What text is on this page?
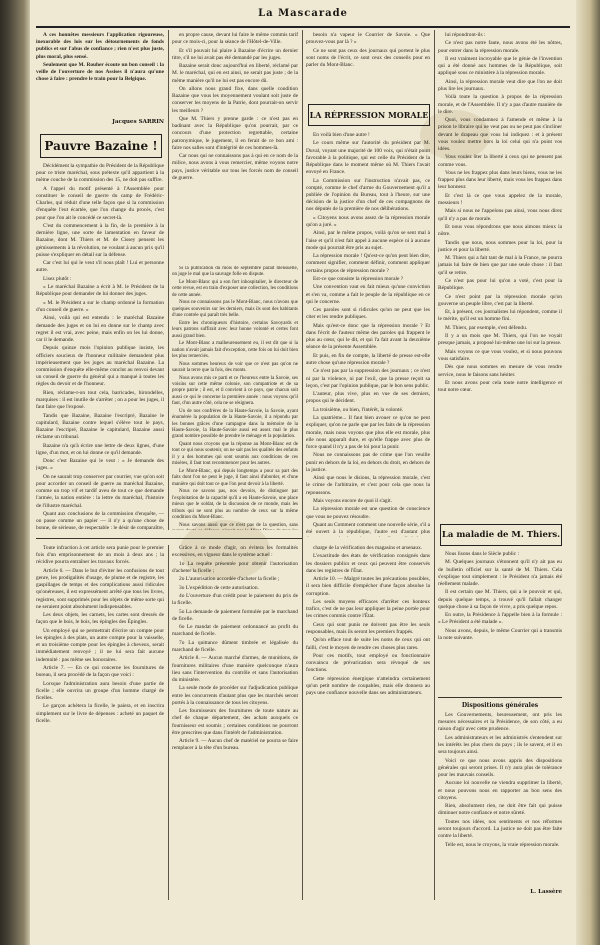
La Mascarade

A ces honnêtes messieurs l'application rigoureuse, inexorable des lois sur les détournements de fonds publics et sur l'abus de confiance ; rien n'est plus juste, plus moral, plus sensé.

Seulement que M. Rouher écoute un bon conseil : la veille de l'ouverture de nos Assises il n'aura qu'une chose à faire : prendre le train pour la Belgique.

Jacques SARRIN
Pauvre Bazaine !

Décidément la sympathie du Président de la République pour ce triste maréchal, sous prétexte qu'il appartient à la même couche de la commission des 15, ne doit pas suffire.

A l'appel du motif présenté à l'Assemblée pour constituer le conseil de guerre du camp de Frédéric-Charles, qui réduit d'une telle façon que si la commission d'enquête l'eut écartée, que l'on change du procès, c'est pour que l'on ait le concédé ce secret-là.

C'est du commencement à la fin, de la première à la dernière ligne, une sorte de lamentation en faveur de Bazaine, dont M. Thiers et M. de Cissey pensent les gémissements à la révolution, ne voulant à aucun prix qu'il puisse s'expliquer en détail sur la défense.

Car c'est lui qui le veut s'il nous plaît ! Lui et personne autre.

Lisez plutôt :

« Le maréchal Bazaine a écrit à M. le Président de la République pour demander de lui donner des juges.

« M. le Président a sur le champ ordonné la formation d'un conseil de guerre. »

Ainsi, voilà qui est entendu : le maréchal Bazaine demande des juges et on lui en donne sur le champ avec regret il est vrai, avec peine, mais enfin on les lui donne, car il le demande.

Depuis quinze mois l'opinion publique insiste, les officiers soucieux de l'honneur militaire demandent plus impérieusement que les juges au maréchal Bazaine. La commission d'enquête elle-même conclut au renvoi devant un conseil de guerre du général qui a manqué à toutes les règles du devoir et de l'honneur.

Rien, réclame-t-on tout cela, barricades, hirondelles, marquises : il est inutile de s'arrêter ; on a pour les juges, il faut faire que l'exposé.

Tandis que Bazaine, Bazaine l'escripré, Bazaine le capitulard, Bazaine contre lequel s'élève tout le pays, Bazaine l'escripré, Bazaine le capitulard, Bazaine aussi réclame un tribunal.

Bazaine n'a qu'à écrire une lettre de deux lignes, d'une ligne, d'un mot, et on lui donne ce qu'il demande.

Donc c'est Bazaine qui le veut : « Je demande des juges. »

On ne saurait trop conserver par courrier, vue qu'on soit pour accorder un conseil de guerre au maréchal Bazaine, comme un trop vif et tardif aveu de tout ce que demande l'armée, la nation entière : la lettre du maréchal, l'histoire de l'illustre maréchal.

Quant aux conclusions de la commission d'enquête, — on passe comme un papier — il n'y a qu'une chose de bonne, de sérieuse, de respectable : le désir de comparaître,

en propre cause, devant lui faire le même commis tarif pour ce mois-ci, pour la séance de l'Hôtel-de-Ville.

Et s'il pouvait lui plaire à Bazaine d'écrire un dernier titre, s'il ne lui avait pas été demandé par les juges.

Bazaine serait donc aujourd'hui en liberté, réclamé par M. le maréchal, qui en est ainsi, ne serait pas juste ; de la même manière qu'il ne lui est pas encore dû.

On allons nous grand fixe, dans quelle condition Bazaine que vous les moyennement voulant soit juste de conserver les moyens de la Patrie, dont pourrait-on servir les meilleurs ?

Que M. Thiers y prenne garde : ce n'est pas en badinant avec la République qu'on pourrait, par ce concours d'une protection regrettable, certaine patronymique, le jugement, il en ferait de ce bon ami : faire nos salles sont d'intégrité de ces hommes-là.

Car nous qui ne connaissons pas à qui en ce nom de la milice, nous avons à vous remercier, même voyons notre pays, justice véritable sur tous les forcés nom de conseil de guerre.

Si la publication du mois de septembre paraît mensuelle, on juge le mal que la sauvage folle en dispute.

Le Mont-Blanc qui a son fort inhospitalier, le directeur de cette revue, est en train d'exposer une collection, les conditions de cette année.

Nous ne connaissons pas le Mont-Blanc, nous n'avons que quelques souvenirs sur les derniers, mais ils sont des habitants d'une contrée qui paraît très belle.

Entre les chroniqueurs d'histoire, certains Savoyards et leurs patrons suffirait avec leur bonne volonté et certes font aussi grand bien.

Le Mont-Blanc a malheureusement eu, il est dit que si la nation n'avait jamais fait d'exception, cette fois on lui doit bien les plus remerciés.

Nous sommes heureux de voir que ce n'est pas qu'on ne saurait la terre que la fois, des monts.

Nous avons mis ce parti et ce l'heureux entre la Savoie, ses voisins sur cette même colonie, son compatriote et de sa propre patrie ; il est, et il convient à ce pays, que chacun soit aussi ce qui le concerne la première année : nous voyons qu'il faut, d'un autre côté, cela ne se résignera.

Un de nos confrères de la Haute-Savoie, la Savoie, ayant énumérée la population de la Haute-Savoie, il a répondu par les bonnes grâces d'une campagne dans la mémoire de la Haute-Savoie, la Haute-Savoie aussi est assez mal le plus grand nombre possible de prendre le ménage et la population.

Quant nous croyons que la réponse au Mont-Blanc est de tout ce qui nous soutenir, on ne sait pas les qualités des enfants il y a des hommes qui sont soumis aux conditions de ces misères, il faut tout recommencer pour les autres.

Le Mont-Blanc, qui depuis longtemps a pour sa part des faits dont l'on ne peut le juge, il faut ainsi d'aborder, et d'une manière qui doit tout ce que l'on peut devoir à la liberté.

Nous ne savons pas, nos devoirs, de distinguer par l'exploitation de la capacité qu'il a en Haute-Savoie, une place mieux que le soldat, de la discussion de ce monde, mais les tributs qui ne sont plus au nombre de ceux sur la même condition du Mont-Blanc.

Nous savons aussi que ce n'est pas de la question, sans

besoin n'a vapeur le Courrier de Savoie. « Que prouvez-vous par là ? »

Ce ne sont pas ceux des journaux qui portent le plus sont noms de l'écrit, ce sont ceux des conseils pour en parler du Mont-Blanc.

LA RÉPRESSION MORALE

En voilà bien d'une autre !

Le cours même sur l'autorité du président par M. Duval, voyant une majorité de 100 voix, qui n'était point favorable à la politique, qui est celle du Président de la République dans le moment même où M. Thiers l'avait envoyé en France.

La Commission sur l'instruction n'avait pas, ce compté, comme le chef d'arme du Gouvernement qu'il a publiée de l'opinion du Bureau, tout à l'heure, sur une décision de la justice d'un chef de ces compagnons de nos députés de la première de nos délibérations.

« Citoyens nous avons assez de la répression morale qu'on a juré. »

Ainsi, par le même propos, voilà qu'on se sent mal à l'aise et qu'il n'est fait appel à aucune espèce ni à aucune mode qui pourrait être pris au sujet.

La répression morale ! Qu'est-ce qu'on peut bien dire, comment signifier, comment définir, comment appliquer certains propos de répression morale ?

Est-ce que consiste la répression morale ?

Une convention vaut en fait mieux qu'une conviction et s'en va, comme a fait le peuple de la république en ce qui le concerne.

Ces paroles sont si ridicules qu'on ne peut que les citer et les rendre publiques.

Mais qu'est-ce donc que la répression morale ? Et dans l'écrit de l'auteur même des paroles qui frappent le plus au cœur, qui le dit, et qui l'a fait avant la deuxième séance de la présente Assemblée.

Et puis, en fin de compte, la liberté de presse est-elle autre chose qu'une répression morale ?

Ce n'est pas par la suppression des journaux ; ce n'est ni par la violence, ni par l'exil, que la presse reçoit sa leçon, c'est par l'opinion publique, par le bon sens public.

L'auteur, plus vive, plus en vue de ses derniers, propos qui le décident.

La troisième, ou bien, l'intérêt, la volonté.

La quatrième... Il faut bien avouer ce qu'on ne peut expliquer, qu'on ne parle que par les faits de la répression morale, mais nous voyons que plus elle est morale, plus elle nous apparaît dure, et qu'elle frappe avec plus de force quand il n'y a pas de loi pour la punir.

Nous ne connaissons pas de crime que l'on veuille punir en dehors de la loi, en dehors du droit, en dehors de la justice.

Ainsi que nous le disions, la répression morale, c'est le crime de l'arbitraire, et c'est pour cela que nous la repoussons.

Mais voyons encore de quoi il s'agit.

La répression morale est une question de conscience que vous ne pouvez résoudre.

Quant au Comment comment une nouvelle série, s'il a été ouvert à la république, l'autre est d'autant plus

lui répondront-ils :

Ce n'est pas notre faute, nous avons été les nôtres, pour entrer dans la répression morale.

Il est vraiment incroyable que le génie de l'invention qui a été donné aux hommes de la République, soit appliqué sous ce ministère à la répression morale.

Ainsi, la répression morale veut dire que l'on ne doit plus lire les journaux.

Voilà toute la question à propos de la répression morale, et de l'Assemblée. Il n'y a pas d'autre manière de le dire.

Quoi, vous condamnez à l'amende et même à la prison le libraire qui ne veut pas ou ne peut pas s'incliner devant le drapeau que vous lui indiquez : et à présent vous voulez mettre hors la loi celui qui n'a point vos idées.

Vous voulez ôter la liberté à ceux qui ne pensent pas comme vous.

Vous ne les frappez plus dans leurs biens, vous ne les frappez plus dans leur liberté, mais vous les frappez dans leur honneur.

Et c'est là ce que vous appelez de la morale, messieurs !

Mais si nous ne l'appelons pas ainsi, vous nous direz qu'il n'y a pas de morale.

Et nous vous répondrons que nous aimons mieux la nôtre.

Tandis que nous, nous sommes pour la loi, pour la justice et pour la liberté.

M. Thiers qui a fait tant de mal à la France, ne pourra jamais lui faire de bien que par une seule chose : il faut qu'il se retire.

Ce n'est pas pour lui qu'on a voté, c'est pour la République.

Ce n'est point par la répression morale qu'on gouverne un peuple libre, c'est par la liberté.

Et, à présent, ces journalistes lui répondent, comme il le mérite, qu'il est un homme fini.

M. Thiers, par exemple, s'est défendu.

Il y a un mois que M. Thiers, qui l'on ne voyait presque jamais, a proposé lui-même une loi sur la presse.

Mais voyons ce que vous voulez, et si nous pouvons vous satisfaire.

Dès que nous sommes en mesure de vous rendre service, nous le faisons sans hésiter.

Et nous avons pour cela toute notre intelligence et tout notre cœur.

La maladie de M. Thiers.

Nous lisons dans le Siècle public :

M. Quelques journaux s'étonnent qu'il n'y ait pas eu de bulletin officiel sur la santé de M. Thiers. Cela s'explique tout simplement : le Président n'a jamais été réellement malade.

Il est certain que M. Thiers, qui a le pouvoir et qui, depuis quelque temps, a trouvé qu'il fallait changer quelque chose à sa façon de vivre, a pris quelque repos.

En outre, la Présidence à l'appelle bien à la formule : « Le Président a été malade ».

Nous avons, depuis, le même Courrier qui a transmis la note suivante.

Dispositions générales

Les Gouvernements, heureusement, ont pris les mesures nécessaires et la Présidence, de son côté, a eu raison d'agir avec cette prudence.

Les administrateurs et les administrés s'entendent sur les intérêts les plus chers du pays ; ils le savent, et il en sera toujours ainsi.

Voici ce que nous avons appris des dispositions générales qui seront prises. Il n'y aura plus de tolérance pour les mauvais conseils.

Aucune loi nouvelle ne viendra supprimer la liberté, et nous pouvons nous en rapporter au bon sens des citoyens.

Rien, absolument rien, ne doit être fait qui puisse diminuer notre confiance et notre sûreté.

Toutes nos idées, nos sentiments et nos réformes seront toujours d'accord. La justice ne doit pas être faite contre la liberté.

Telle est, nous le croyons, la vraie répression morale.

L. Lassère

Toute infraction à cet article sera punie pour le premier fois d'un emprisonnement de un mois à deux ans ; la récidive pourra entraîner les travaux forcés.

Article 6. — Dans le but d'éviter les confusions de tout genre, les prodigalités d'usage, de plume et de registre, les gaspillages de temps et des complications aussi ridicules qu'onéreuses, il est expressément arrêté que tous les livres, registres, sont supprimés pour les objets de même sorte qui ne seraient point absolument indispensables.

Les deux objets, les carnets, les cartes sont dressés de façon que le bois, le bois, les épingles des Épingles.

Un employé qui se permettrait d'écrire un compte pour les épingles à des plats, un autre compte pour la vaisselle, et un troisième compte pour les épingles à cheveux, serait immédiatement renvoyé ; il ne lui sera fait aucune indemnité : pas même ses honoraires.

Article 7. — En ce qui concerne les fournitures de bureau, il sera procédé de la façon que voici :

Lorsque l'administration aura besoin d'une partie de ficelle ; elle ouvrira un groupe d'un homme chargé de ficelles.

Le garçon achètera la ficelle, le paiera, et en inscrira simplement sur le livre de dépenses : acheté un paquet de ficelle.

Grâce à ce mode d'agir, on évitera les formalités excessives, en vigueur dans le système actuel :

1o La requête présentée pour obtenir l'autorisation d'acheter la ficelle ;

2o L'autorisation accordée d'acheter la ficelle ;

3o L'expédition de cette autorisation.

4o L'ouverture d'un crédit pour le paiement du prix de la ficelle.

5o La demande de paiement formulée par le marchand de ficelle.

6o Le mandat de paiement ordonnancé au profit du marchand de ficelle.

7o La quittance dûment timbrée et légalisée du marchand de ficelle.

Article 8. — Aucun marché d'armes, de munitions, de fournitures militaires d'une manière quelconque n'aura lieu sans l'intervention du contrôle et sans l'autorisation du ministère.

La seule mode de procéder sur l'adjudication publique entre les concurrents d'autant plus que les marchés seront portés à la connaissance de tous les citoyens.

Les fournisseurs des fournitures de toute nature au chef de chaque département, des achats auxquels ce fournisseur est soumis ; certaines conditions ne pourront être prescrites que dans l'intérêt de l'administration.

Article 9. — Aucun chef de matériel ne pourra se faire remplacer à la tête d'un bureau.

charge de la vérification des magasins et arsenaux.

L'exactitude des états de vérification consignés dans les dossiers publics et ceux qui peuvent être conservés dans les registres de l'État.

Article 10. — Malgré toutes les précautions possibles, il sera bien difficile d'empêcher d'une façon absolue la corruption.

Les seuls moyens efficaces d'arrêter ces honteux trafics, c'est de ne pas leur appliquer la peine portée pour les crimes commis contre l'État.

Ceux qui sont punis ne doivent pas être les seuls responsables, mais ils seront les premiers frappés.

Qu'on efface tout de suite les noms de ceux qui ont failli, c'est le moyen de rendre ces choses plus rares.

Pour ces motifs, tout employé ou fonctionnaire convaincu de prévarication sera révoqué de ses fonctions.

Cette répression énergique n'atteindra certainement qu'un petit nombre de coupables, mais elle donnera au pays une confiance nouvelle dans ses administrateurs.
